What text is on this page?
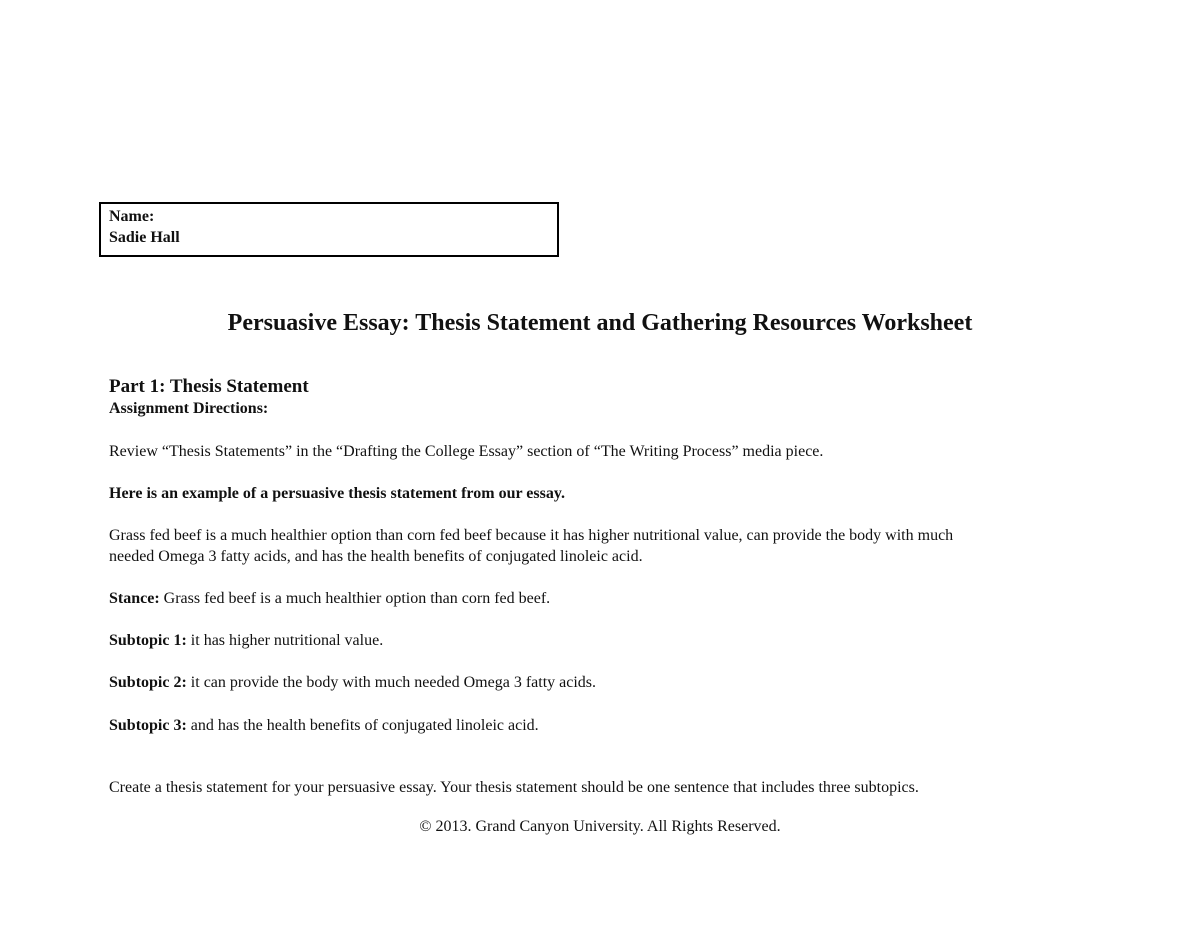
Name:
Sadie Hall
Persuasive Essay: Thesis Statement and Gathering Resources Worksheet
Part 1: Thesis Statement
Assignment Directions:

Review “Thesis Statements” in the “Drafting the College Essay” section of “The Writing Process” media piece.

Here is an example of a persuasive thesis statement from our essay.

Grass fed beef is a much healthier option than corn fed beef because it has higher nutritional value, can provide the body with much
needed Omega 3 fatty acids, and has the health benefits of conjugated linoleic acid.

Stance: Grass fed beef is a much healthier option than corn fed beef.

Subtopic 1: it has higher nutritional value.

Subtopic 2: it can provide the body with much needed Omega 3 fatty acids.

Subtopic 3: and has the health benefits of conjugated linoleic acid.

Create a thesis statement for your persuasive essay. Your thesis statement should be one sentence that includes three subtopics.

© 2013. Grand Canyon University. All Rights Reserved.
